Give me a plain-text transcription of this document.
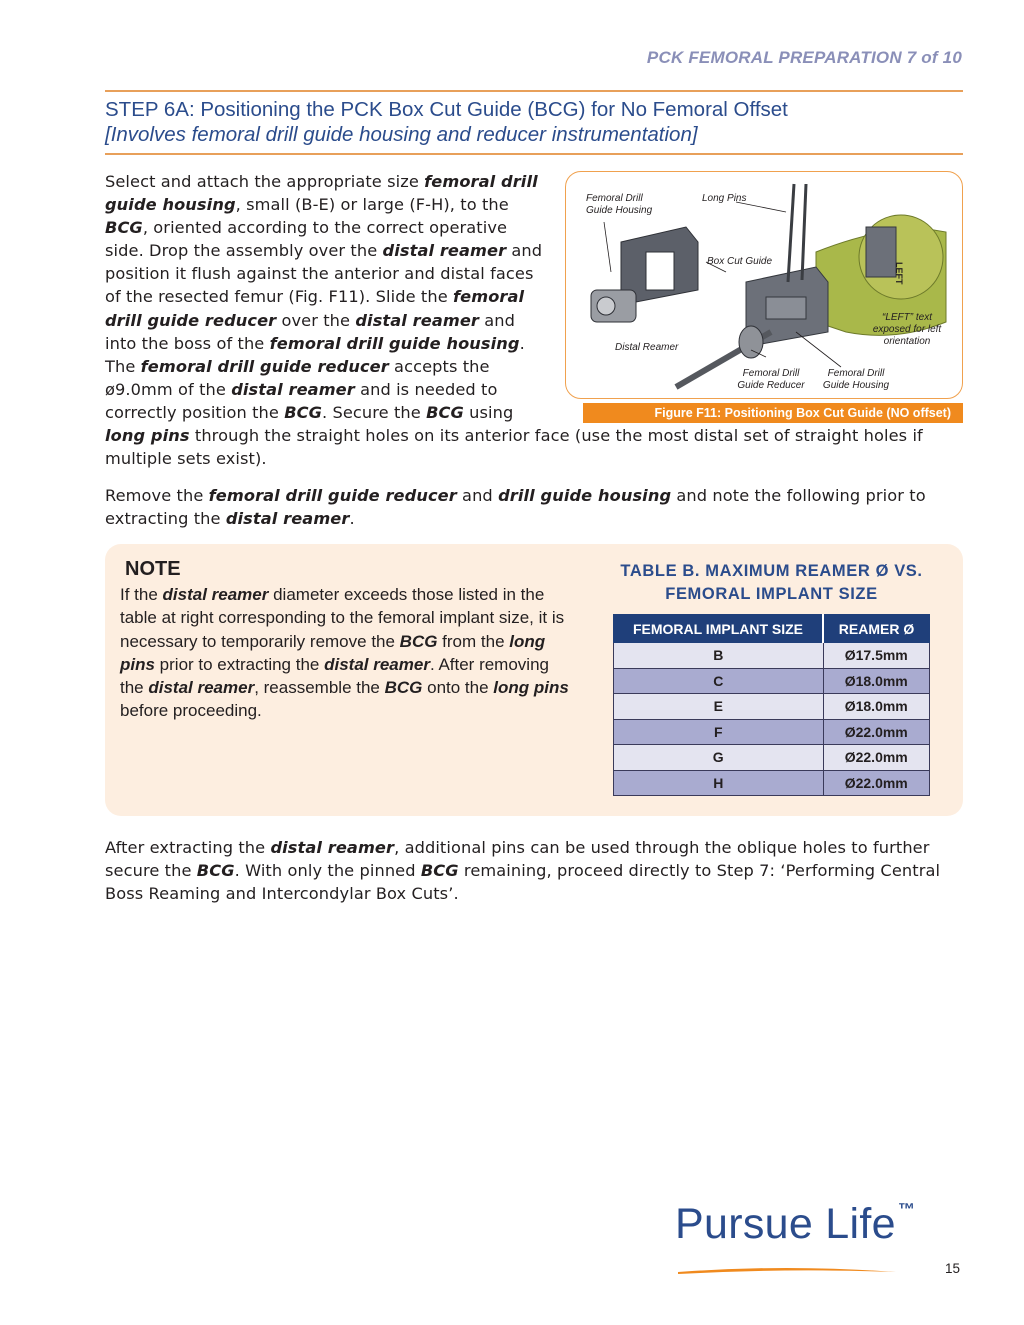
PCK FEMORAL PREPARATION 7 of 10
STEP 6A: Positioning the PCK Box Cut Guide (BCG) for No Femoral Offset
[Involves femoral drill guide housing and reducer instrumentation]
Select and attach the appropriate size femoral drill guide housing, small (B-E) or large (F-H), to the BCG, oriented according to the correct operative side. Drop the assembly over the distal reamer and position it flush against the anterior and distal faces of the resected femur (Fig. F11). Slide the femoral drill guide reducer over the distal reamer and into the boss of the femoral drill guide housing. The femoral drill guide reducer accepts the ø9.0mm of the distal reamer and is needed to correctly position the BCG. Secure the BCG using long pins through the straight holes on its anterior face (use the most distal set of straight holes if multiple sets exist).
LEFT
Femoral Drill Guide Housing
Long Pins
Box Cut Guide
“LEFT” text exposed for left orientation
Distal Reamer
Femoral Drill Guide Reducer
Femoral Drill Guide Housing
Figure F11: Positioning Box Cut Guide (NO offset)
Remove the femoral drill guide reducer and drill guide housing and note the following prior to extracting the distal reamer.
NOTE
If the distal reamer diameter exceeds those listed in the table at right corresponding to the femoral implant size, it is necessary to temporarily remove the BCG from the long pins prior to extracting the distal reamer. After removing the distal reamer, reassemble the BCG onto the long pins before proceeding.
TABLE B. MAXIMUM REAMER Ø VS.
FEMORAL IMPLANT SIZE
FEMORAL IMPLANT SIZE	REAMER Ø
B	Ø17.5mm
C	Ø18.0mm
E	Ø18.0mm
F	Ø22.0mm
G	Ø22.0mm
H	Ø22.0mm
After extracting the distal reamer, additional pins can be used through the oblique holes to further secure the BCG. With only the pinned BCG remaining, proceed directly to Step 7: ‘Performing Central Boss Reaming and Intercondylar Box Cuts’.
Pursue Life ™
15
